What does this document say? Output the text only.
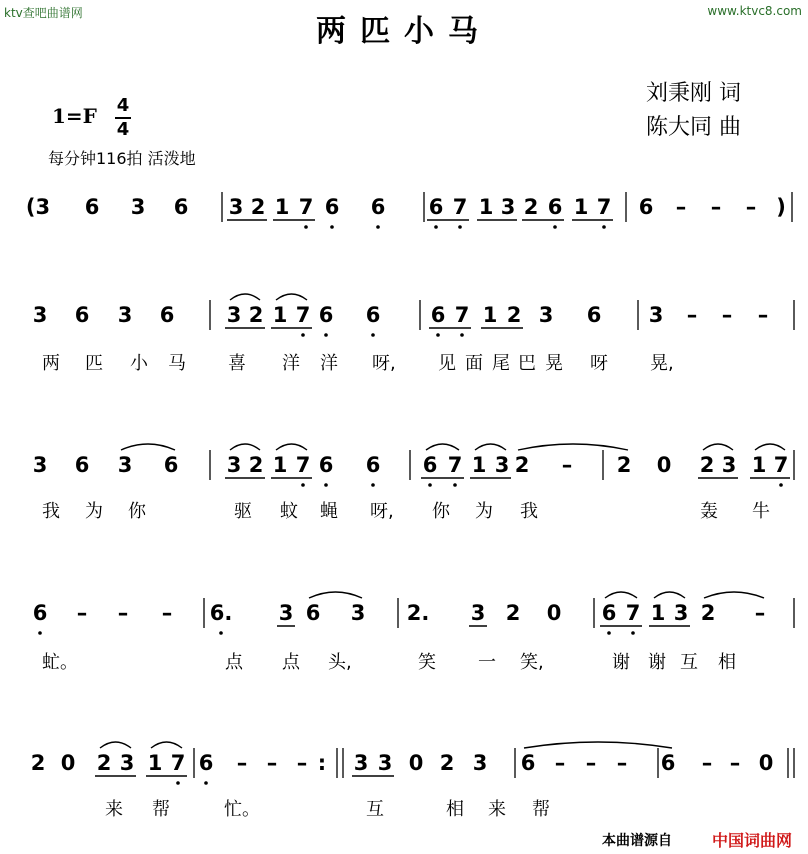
ktv查吧曲谱网	www.ktvc8.com
两匹小马
刘秉刚 词
陈大同 曲
1=F 4
4
每分钟116拍 活泼地
(3 6 3 6 3 2 1 7 6 6 6 7 1 3 2 6 1 7 6 – – – )
3 6 3 6 3 2 1 7 6 6 6 7 1 2 3 6 3 – – –
两 匹 小 马 喜 洋 洋 呀, 见 面 尾 巴 晃 呀 晃,
3 6 3 6 3 2 1 7 6 6 6 7 1 3 2 – 2 0 2 3 1 7
我 为 你	驱 蚊 蝇 呀, 你 为 我	轰 牛
6 – – – 6. 3 6 3 2. 3 2 0 6 7 1 3 2 –
虻。	点 点 头,	笑 一 笑,	谢 谢 互 相
2 0 2 3 1 7 6 – – – : 3 3 0 2 3 6 – – – 6 – – 0
来 帮	忙。	互	相 来 帮
本曲谱源自	中国词曲网
